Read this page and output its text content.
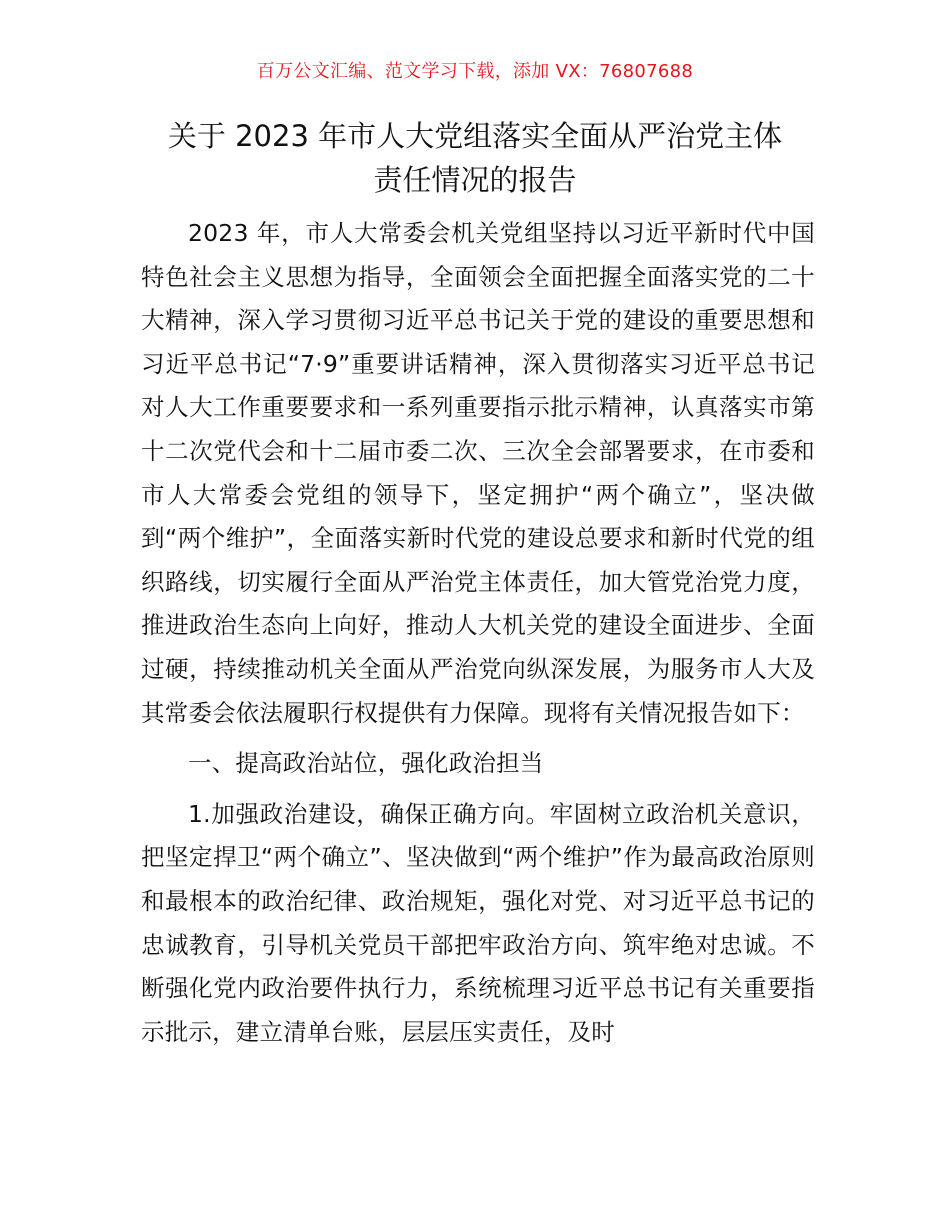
百万公文汇编、范文学习下载，添加 VX：76807688
关于 2023 年市人大党组落实全面从严治党主体
责任情况的报告

2023 年，市人大常委会机关党组坚持以习近平新时代中国特色社会主义思想为指导，全面领会全面把握全面落实党的二十大精神，深入学习贯彻习近平总书记关于党的建设的重要思想和习近平总书记“7·9”重要讲话精神，深入贯彻落实习近平总书记对人大工作重要要求和一系列重要指示批示精神，认真落实市第十二次党代会和十二届市委二次、三次全会部署要求，在市委和市人大常委会党组的领导下，坚定拥护“两个确立”，坚决做到“两个维护”，全面落实新时代党的建设总要求和新时代党的组织路线，切实履行全面从严治党主体责任，加大管党治党力度，推进政治生态向上向好，推动人大机关党的建设全面进步、全面过硬，持续推动机关全面从严治党向纵深发展，为服务市人大及其常委会依法履职行权提供有力保障。现将有关情况报告如下：

一、提高政治站位，强化政治担当

1.加强政治建设，确保正确方向。牢固树立政治机关意识，把坚定捍卫“两个确立”、坚决做到“两个维护”作为最高政治原则和最根本的政治纪律、政治规矩，强化对党、对习近平总书记的忠诚教育，引导机关党员干部把牢政治方向、筑牢绝对忠诚。不断强化党内政治要件执行力，系统梳理习近平总书记有关重要指示批示，建立清单台账，层层压实责任，及时
